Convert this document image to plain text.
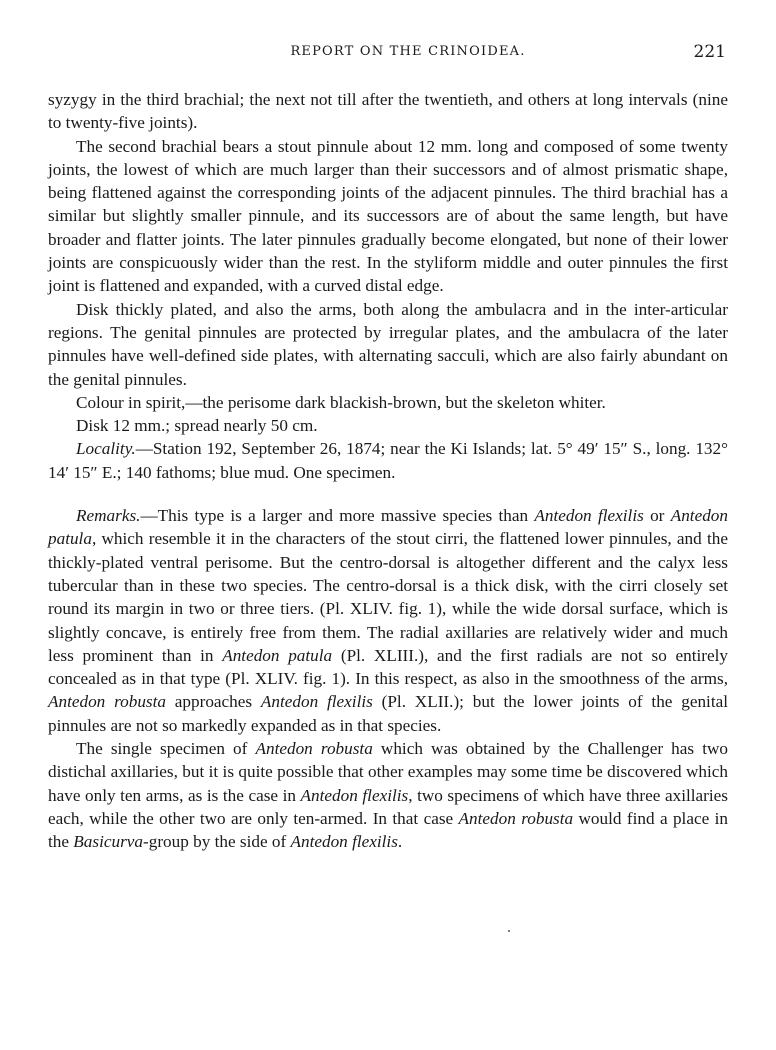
REPORT ON THE CRINOIDEA.	221

syzygy in the third brachial; the next not till after the twentieth, and others at long intervals (nine to twenty-five joints).

The second brachial bears a stout pinnule about 12 mm. long and composed of some twenty joints, the lowest of which are much larger than their successors and of almost prismatic shape, being flattened against the corresponding joints of the adjacent pinnules. The third brachial has a similar but slightly smaller pinnule, and its successors are of about the same length, but have broader and flatter joints. The later pinnules gradually become elongated, but none of their lower joints are conspicuously wider than the rest. In the styliform middle and outer pinnules the first joint is flattened and expanded, with a curved distal edge.

Disk thickly plated, and also the arms, both along the ambulacra and in the inter-articular regions. The genital pinnules are protected by irregular plates, and the ambulacra of the later pinnules have well-defined side plates, with alternating sacculi, which are also fairly abundant on the genital pinnules.

Colour in spirit,—the perisome dark blackish-brown, but the skeleton whiter.

Disk 12 mm.; spread nearly 50 cm.

Locality.—Station 192, September 26, 1874; near the Ki Islands; lat. 5° 49′ 15″ S., long. 132° 14′ 15″ E.; 140 fathoms; blue mud. One specimen.

Remarks.—This type is a larger and more massive species than Antedon flexilis or Antedon patula, which resemble it in the characters of the stout cirri, the flattened lower pinnules, and the thickly-plated ventral perisome. But the centro-dorsal is altogether different and the calyx less tubercular than in these two species. The centro-dorsal is a thick disk, with the cirri closely set round its margin in two or three tiers. (Pl. XLIV. fig. 1), while the wide dorsal surface, which is slightly concave, is entirely free from them. The radial axillaries are relatively wider and much less prominent than in Antedon patula (Pl. XLIII.), and the first radials are not so entirely concealed as in that type (Pl. XLIV. fig. 1). In this respect, as also in the smoothness of the arms, Antedon robusta approaches Antedon flexilis (Pl. XLII.); but the lower joints of the genital pinnules are not so markedly expanded as in that species.

The single specimen of Antedon robusta which was obtained by the Challenger has two distichal axillaries, but it is quite possible that other examples may some time be discovered which have only ten arms, as is the case in Antedon flexilis, two specimens of which have three axillaries each, while the other two are only ten-armed. In that case Antedon robusta would find a place in the Basicurva-group by the side of Antedon flexilis.
